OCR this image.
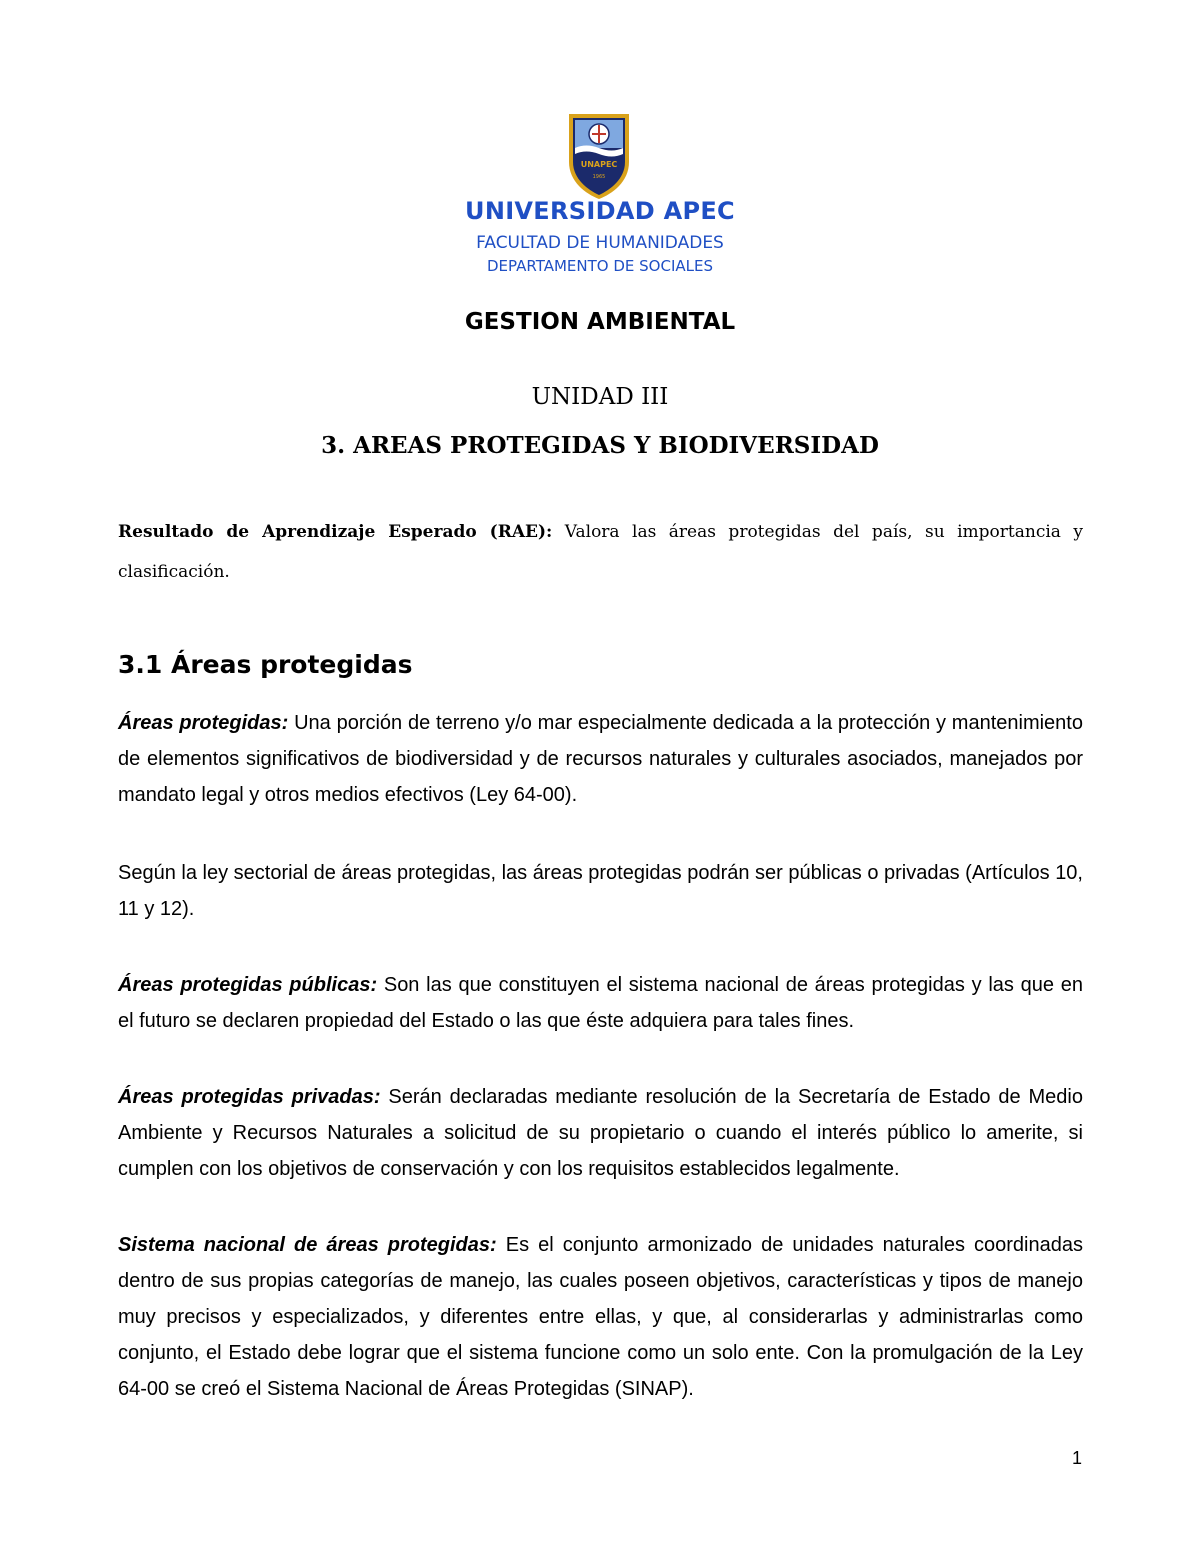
UNAPEC
1965
UNIVERSIDAD APEC
FACULTAD DE HUMANIDADES
DEPARTAMENTO DE SOCIALES
GESTION AMBIENTAL
UNIDAD III
3. AREAS PROTEGIDAS Y BIODIVERSIDAD

Resultado de Aprendizaje Esperado (RAE): Valora las áreas protegidas del país, su importancia y clasificación.

3.1 Áreas protegidas

Áreas protegidas: Una porción de terreno y/o mar especialmente dedicada a la protección y mantenimiento de elementos significativos de biodiversidad y de recursos naturales y culturales asociados, manejados por mandato legal y otros medios efectivos (Ley 64-00).

Según la ley sectorial de áreas protegidas, las áreas protegidas podrán ser públicas o privadas (Artículos 10, 11 y 12).

Áreas protegidas públicas: Son las que constituyen el sistema nacional de áreas protegidas y las que en el futuro se declaren propiedad del Estado o las que éste adquiera para tales fines.

Áreas protegidas privadas: Serán declaradas mediante resolución de la Secretaría de Estado de Medio Ambiente y Recursos Naturales a solicitud de su propietario o cuando el interés público lo amerite, si cumplen con los objetivos de conservación y con los requisitos establecidos legalmente.

Sistema nacional de áreas protegidas: Es el conjunto armonizado de unidades naturales coordinadas dentro de sus propias categorías de manejo, las cuales poseen objetivos, características y tipos de manejo muy precisos y especializados, y diferentes entre ellas, y que, al considerarlas y administrarlas como conjunto, el Estado debe lograr que el sistema funcione como un solo ente. Con la promulgación de la Ley 64-00 se creó el Sistema Nacional de Áreas Protegidas (SINAP).

1
